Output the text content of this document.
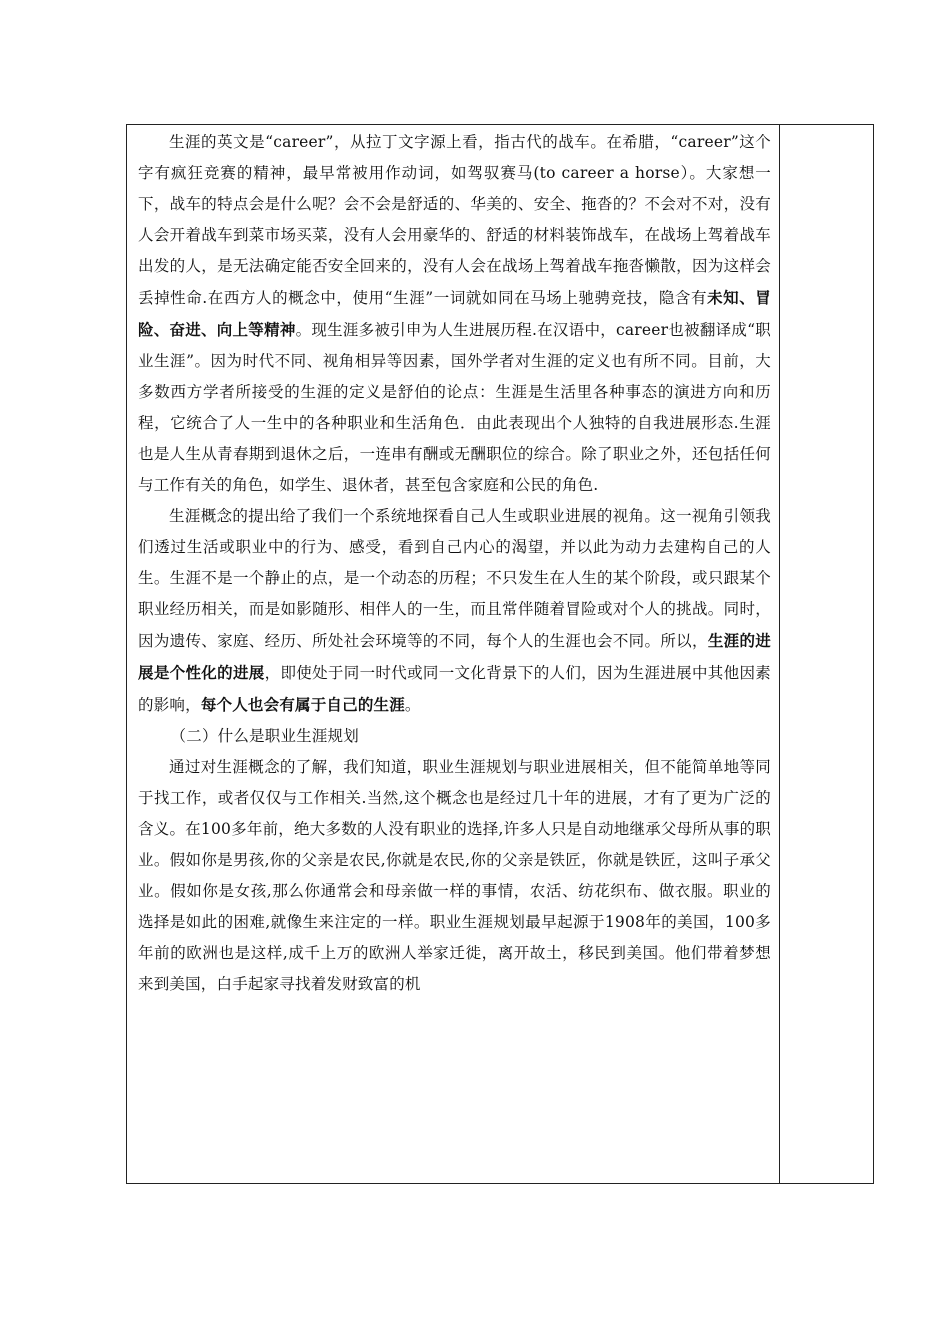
生涯的英文是“career”，从拉丁文字源上看，指古代的战车。在希腊，“career”这个字有疯狂竞赛的精神，最早常被用作动词，如驾驭赛马(to career a horse）。大家想一下，战车的特点会是什么呢？会不会是舒适的、华美的、安全、拖沓的？不会对不对，没有人会开着战车到菜市场买菜，没有人会用豪华的、舒适的材料装饰战车，在战场上驾着战车出发的人，是无法确定能否安全回来的，没有人会在战场上驾着战车拖沓懒散，因为这样会丢掉性命.在西方人的概念中，使用“生涯”一词就如同在马场上驰骋竞技，隐含有未知、冒险、奋进、向上等精神。现生涯多被引申为人生进展历程.在汉语中，career也被翻译成“职业生涯”。因为时代不同、视角相异等因素，国外学者对生涯的定义也有所不同。目前，大多数西方学者所接受的生涯的定义是舒伯的论点：生涯是生活里各种事态的演进方向和历程，它统合了人一生中的各种职业和生活角色．由此表现出个人独特的自我进展形态.生涯也是人生从青春期到退休之后，一连串有酬或无酬职位的综合。除了职业之外，还包括任何与工作有关的角色，如学生、退休者，甚至包含家庭和公民的角色.

生涯概念的提出给了我们一个系统地探看自己人生或职业进展的视角。这一视角引领我们透过生活或职业中的行为、感受，看到自己内心的渴望，并以此为动力去建构自己的人生。生涯不是一个静止的点，是一个动态的历程；不只发生在人生的某个阶段，或只跟某个职业经历相关，而是如影随形、相伴人的一生，而且常伴随着冒险或对个人的挑战。同时，因为遗传、家庭、经历、所处社会环境等的不同，每个人的生涯也会不同。所以，生涯的进展是个性化的进展，即使处于同一时代或同一文化背景下的人们，因为生涯进展中其他因素的影响，每个人也会有属于自己的生涯。

（二）什么是职业生涯规划

通过对生涯概念的了解，我们知道，职业生涯规划与职业进展相关，但不能简单地等同于找工作，或者仅仅与工作相关.当然,这个概念也是经过几十年的进展，才有了更为广泛的含义。在100多年前，绝大多数的人没有职业的选择,许多人只是自动地继承父母所从事的职业。假如你是男孩,你的父亲是农民,你就是农民,你的父亲是铁匠，你就是铁匠，这叫子承父业。假如你是女孩,那么你通常会和母亲做一样的事情，农活、纺花织布、做衣服。职业的选择是如此的困难,就像生来注定的一样。职业生涯规划最早起源于1908年的美国，100多年前的欧洲也是这样,成千上万的欧洲人举家迁徙，离开故土，移民到美国。他们带着梦想来到美国，白手起家寻找着发财致富的机
